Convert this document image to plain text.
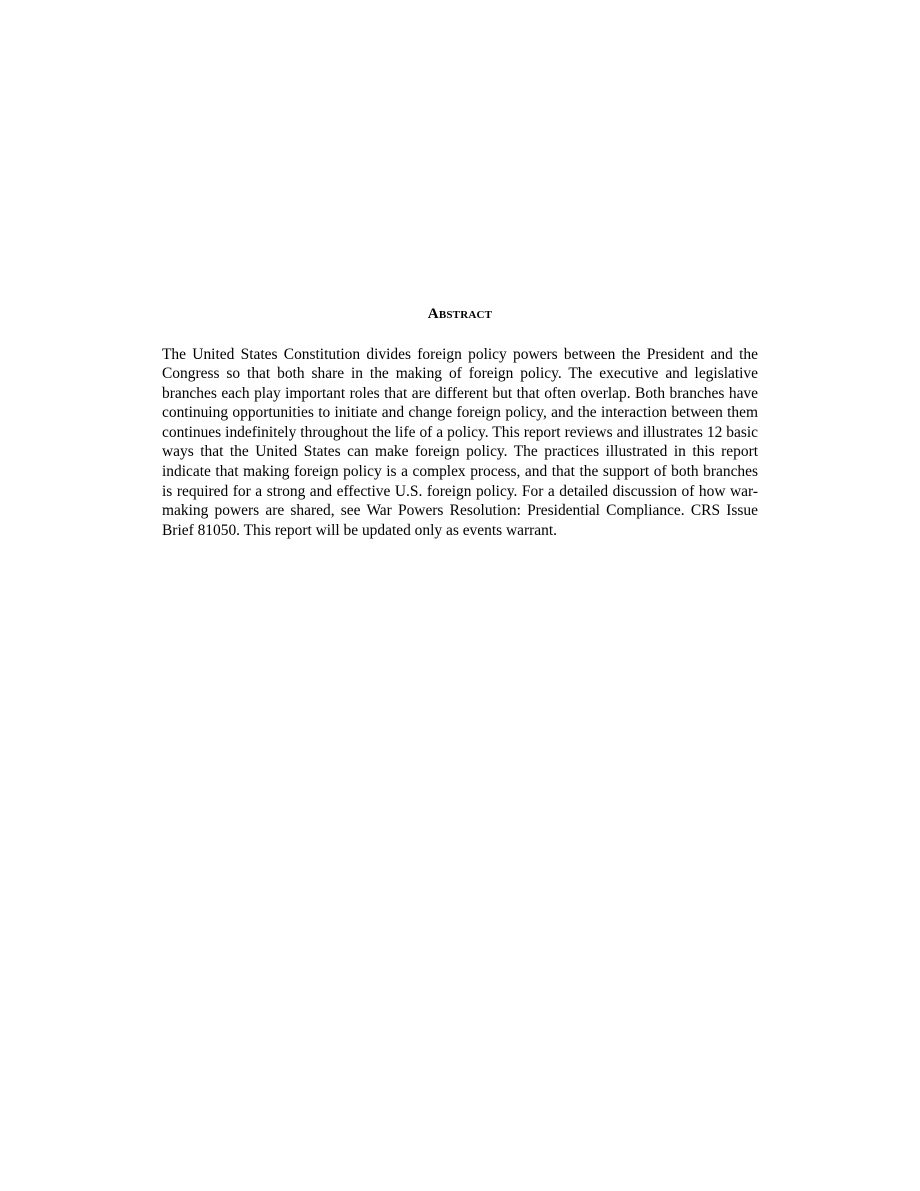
Abstract

The United States Constitution divides foreign policy powers between the President and the Congress so that both share in the making of foreign policy. The executive and legislative branches each play important roles that are different but that often overlap. Both branches have continuing opportunities to initiate and change foreign policy, and the interaction between them continues indefinitely throughout the life of a policy. This report reviews and illustrates 12 basic ways that the United States can make foreign policy. The practices illustrated in this report indicate that making foreign policy is a complex process, and that the support of both branches is required for a strong and effective U.S. foreign policy. For a detailed discussion of how war-making powers are shared, see War Powers Resolution: Presidential Compliance. CRS Issue Brief 81050. This report will be updated only as events warrant.
